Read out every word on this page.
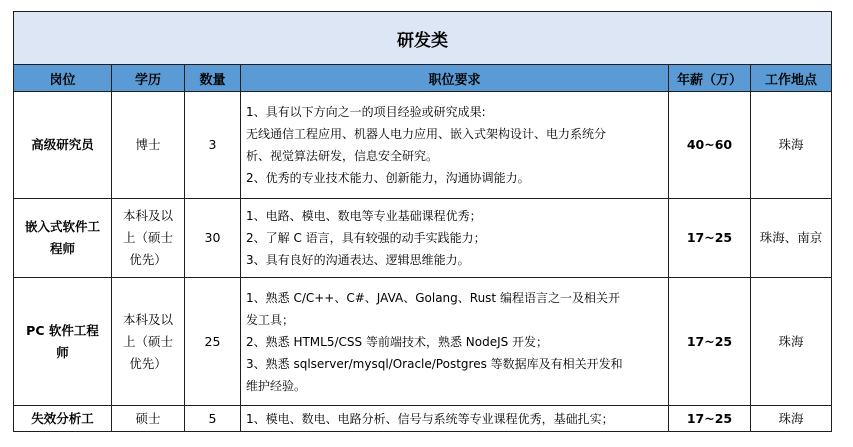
研发类					
岗位	学历	数量	职位要求	年薪（万）	工作地点
高级研究员	博士	3	1、具有以下方向之一的项目经验或研究成果:
无线通信工程应用、机器人电力应用、嵌入式架构设计、电力系统分
析、视觉算法研发，信息安全研究。
2、优秀的专业技术能力、创新能力，沟通协调能力。	40~60	珠海
嵌入式软件工程师	本科及以上（硕士优先）	30	1、电路、模电、数电等专业基础课程优秀；
2、了解 C 语言，具有较强的动手实践能力；
3、具有良好的沟通表达、逻辑思维能力。	17~25	珠海、南京
PC 软件工程师	本科及以上（硕士优先）	25	1、熟悉 C/C++、C#、JAVA、Golang、Rust 编程语言之一及相关开
发工具；
2、熟悉 HTML5/CSS 等前端技术，熟悉 NodeJS 开发；
3、熟悉 sqlserver/mysql/Oracle/Postgres 等数据库及有相关开发和
维护经验。	17~25	珠海
失效分析工	硕士	5	1、模电、数电、电路分析、信号与系统等专业课程优秀，基础扎实；	17~25	珠海
